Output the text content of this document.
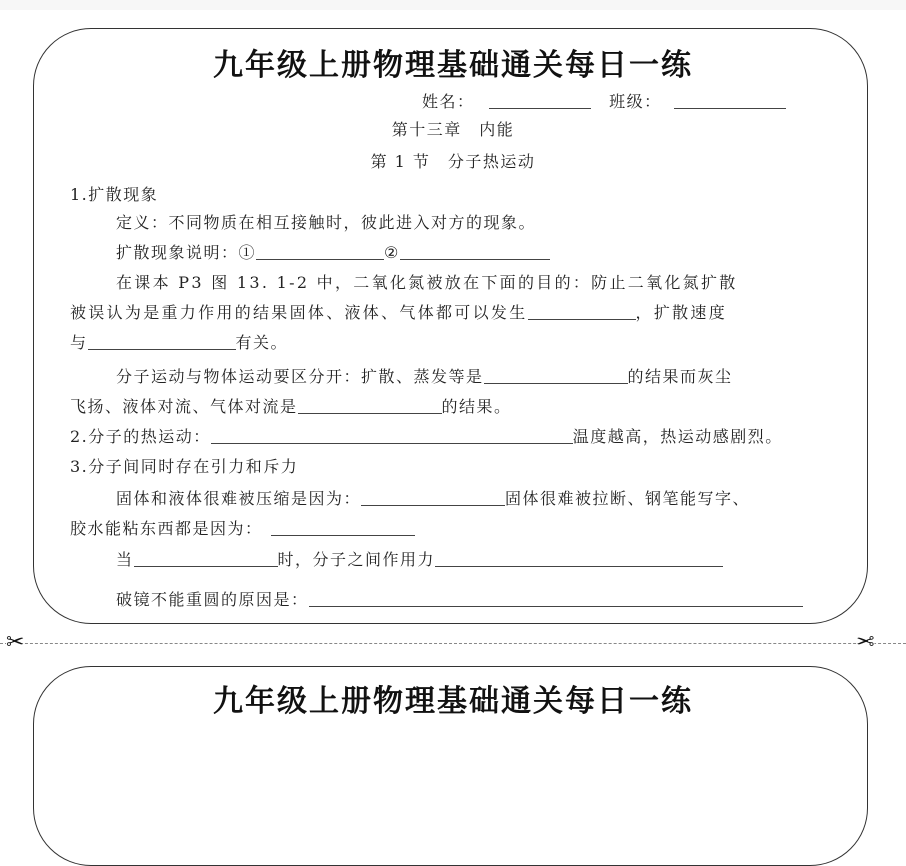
九年级上册物理基础通关每日一练
姓名：	班级：
第十三章　内能
第 1 节　分子热运动
1.扩散现象
定义：不同物质在相互接触时，彼此进入对方的现象。
扩散现象说明：①	②
在课本 P3 图 13. 1-2 中，二氧化氮被放在下面的目的：防止二氧化氮扩散
被误认为是重力作用的结果固体、液体、气体都可以发生	，扩散速度
与	有关。
分子运动与物体运动要区分开：扩散、蒸发等是	的结果而灰尘
飞扬、液体对流、气体对流是	的结果。
2.分子的热运动：	温度越高，热运动感剧烈。
3.分子间同时存在引力和斥力
固体和液体很难被压缩是因为：	固体很难被拉断、钢笔能写字、
胶水能粘东西都是因为：
当	时，分子之间作用力
破镜不能重圆的原因是：
✂	✂
九年级上册物理基础通关每日一练
